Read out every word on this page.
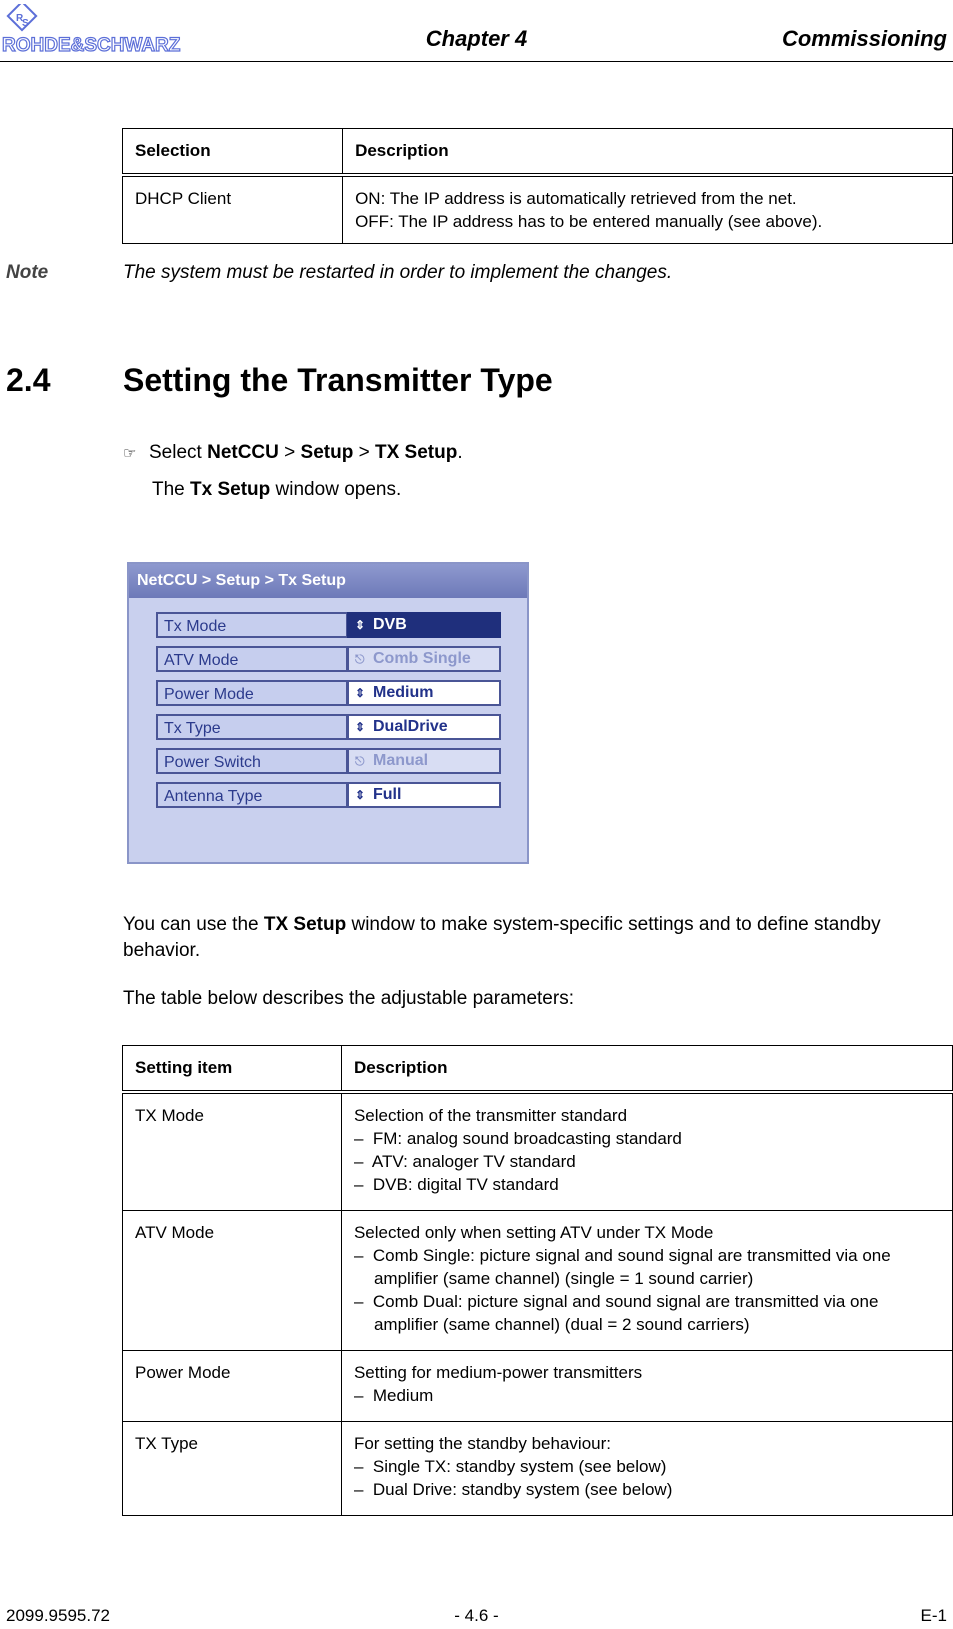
R
S
ROHDE&SCHWARZ	Chapter 4	Commissioning
Selection	Description
DHCP Client	ON: The IP address is automatically retrieved from the net.
OFF: The IP address has to be entered manually (see above).
Note	The system must be restarted in order to implement the changes.
2.4 Setting the Transmitter Type
☞ Select NetCCU > Setup > TX Setup.
The Tx Setup window opens.
NetCCU > Setup > Tx Setup
Tx Mode	⇕ DVB
ATV Mode	⎋ Comb Single
Power Mode	⇕ Medium
Tx Type	⇕ DualDrive
Power Switch	⎋ Manual
Antenna Type	⇕ Full
You can use the TX Setup window to make system-specific settings and to define standby behavior.
The table below describes the adjustable parameters:
Setting item	Description
TX Mode	Selection of the transmitter standard
–  FM: analog sound broadcasting standard
–  ATV: analoger TV standard
–  DVB: digital TV standard

ATV Mode	Selected only when setting ATV under TX Mode
–  Comb Single: picture signal and sound signal are transmitted via one amplifier (same channel) (single = 1 sound carrier)
–  Comb Dual: picture signal and sound signal are transmitted via one amplifier (same channel) (dual = 2 sound carriers)

Power Mode	Setting for medium-power transmitters
–  Medium

TX Type	For setting the standby behaviour:
–  Single TX: standby system (see below)
–  Dual Drive: standby system (see below)
2099.9595.72	- 4.6 -	E-1
